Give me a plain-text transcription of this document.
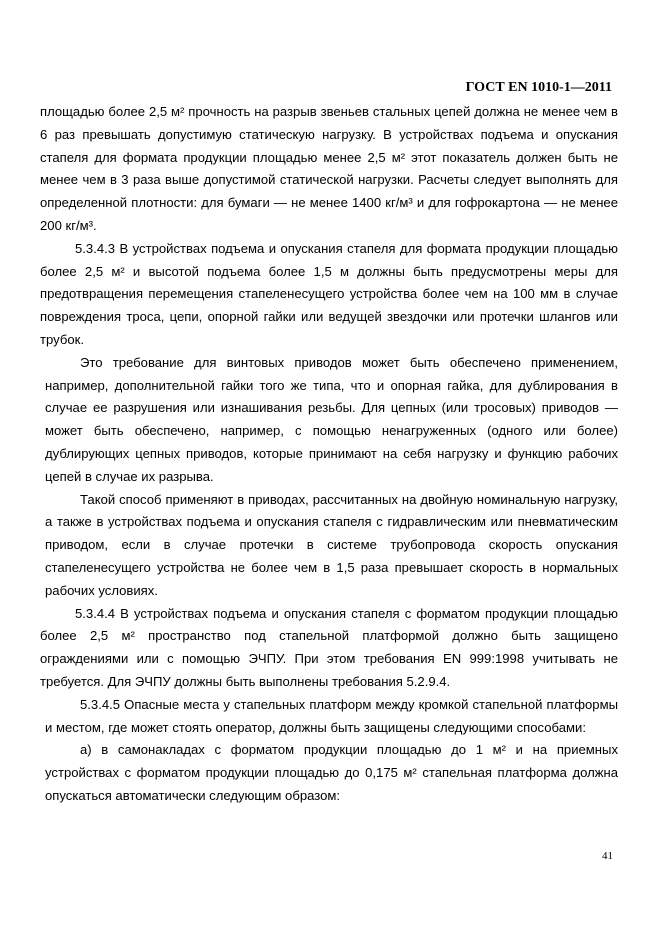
ГОСТ EN 1010-1—2011

площадью более 2,5 м² прочность на разрыв звеньев стальных цепей должна не менее чем в 6 раз превышать допустимую статическую нагрузку. В устройствах подъема и опускания стапеля для формата продукции площадью менее 2,5 м² этот показатель должен быть не менее чем в 3 раза выше допустимой статической нагрузки. Расчеты следует выполнять для определенной плотности: для бумаги — не менее 1400 кг/м³ и для гофрокартона — не менее 200 кг/м³.

5.3.4.3 В устройствах подъема и опускания стапеля для формата продукции площадью более 2,5 м² и высотой подъема более 1,5 м должны быть предусмотрены меры для предотвращения перемещения стапеленесущего устройства более чем на 100 мм в случае повреждения троса, цепи, опорной гайки или ведущей звездочки или протечки шлангов или трубок.

Это требование для винтовых приводов может быть обеспечено применением, например, дополнительной гайки того же типа, что и опорная гайка, для дублирования в случае ее разрушения или изнашивания резьбы. Для цепных (или тросовых) приводов — может быть обеспечено, например, с помощью ненагруженных (одного или более) дублирующих цепных приводов, которые принимают на себя нагрузку и функцию рабочих цепей в случае их разрыва.

Такой способ применяют в приводах, рассчитанных на двойную номинальную нагрузку, а также в устройствах подъема и опускания стапеля с гидравлическим или пневматическим приводом, если в случае протечки в системе трубопровода скорость опускания стапеленесущего устройства не более чем в 1,5 раза превышает скорость в нормальных рабочих условиях.

5.3.4.4 В устройствах подъема и опускания стапеля с форматом продукции площадью более 2,5 м² пространство под стапельной платформой должно быть защищено ограждениями или с помощью ЭЧПУ. При этом требования EN 999:1998 учитывать не требуется. Для ЭЧПУ должны быть выполнены требования 5.2.9.4.

5.3.4.5 Опасные места у стапельных платформ между кромкой стапельной платформы и местом, где может стоять оператор, должны быть защищены следующими способами:

а) в самонакладах с форматом продукции площадью до 1 м² и на приемных устройствах с форматом продукции площадью до 0,175 м² стапельная платформа должна опускаться автоматически следующим образом:

41
